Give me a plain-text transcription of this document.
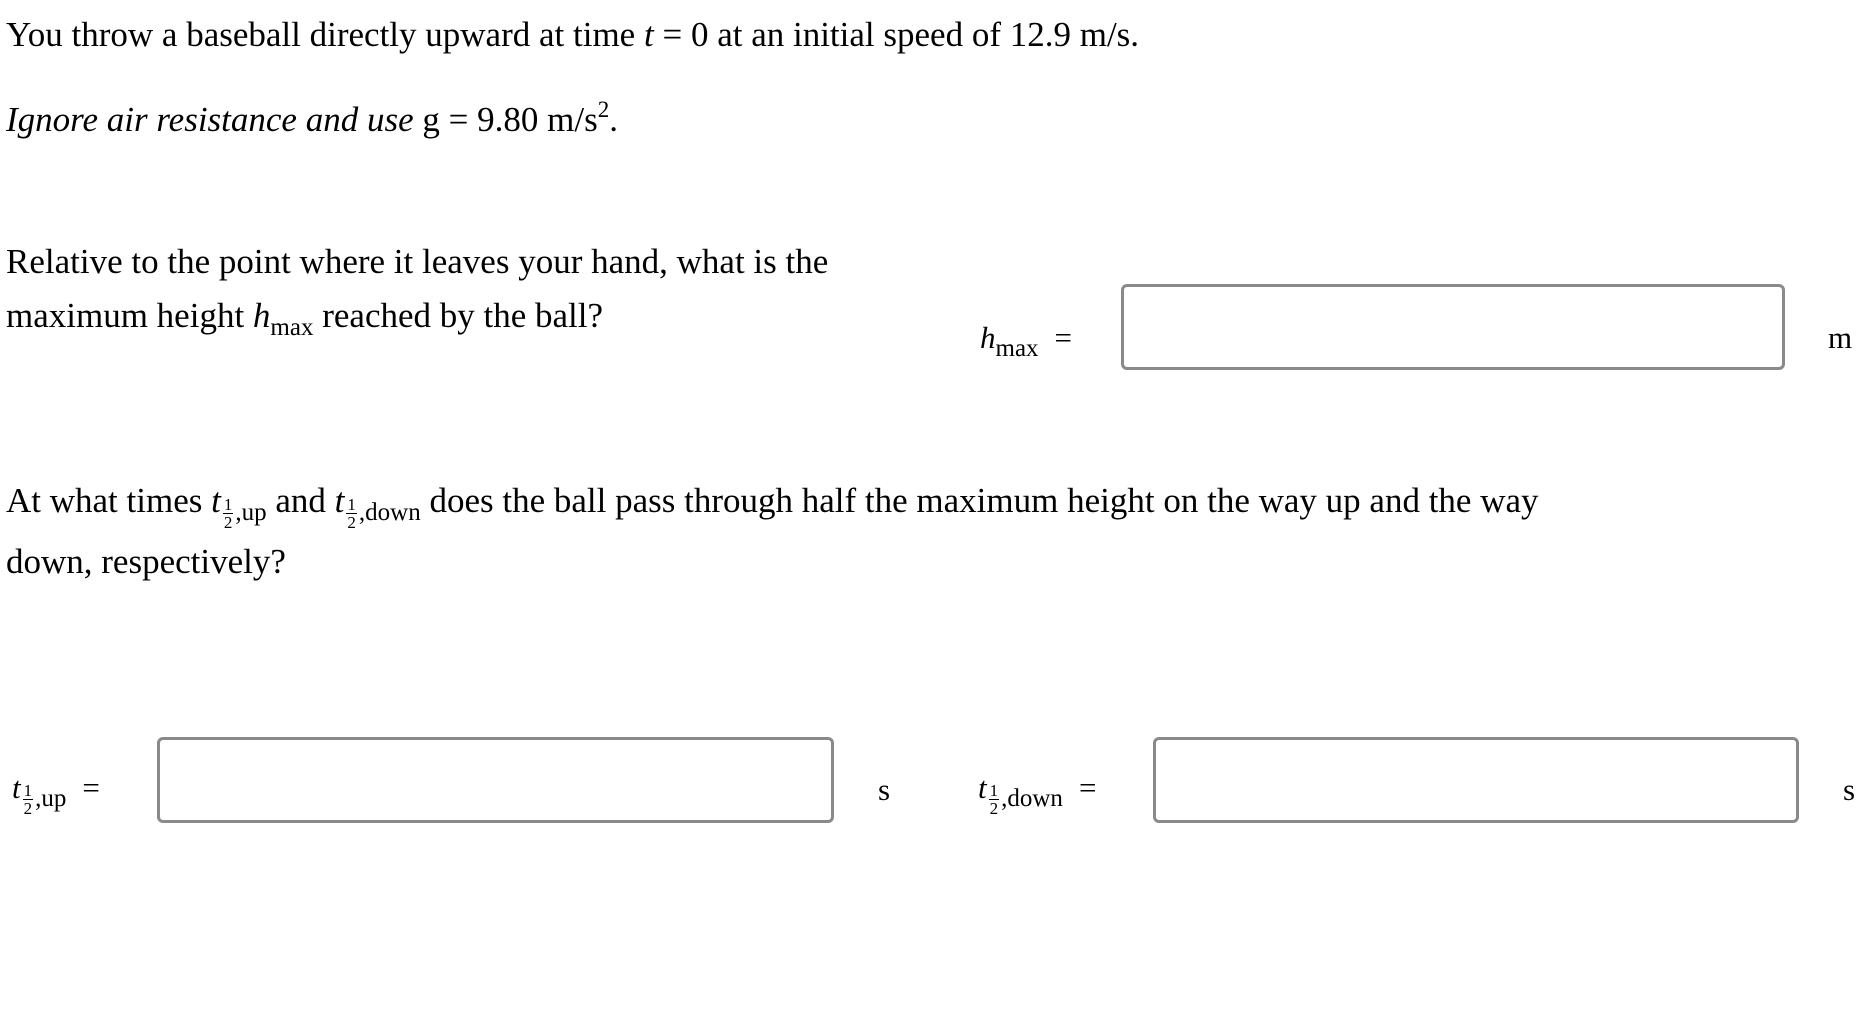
You throw a baseball directly upward at time t = 0 at an initial speed of 12.9 m/s.
Ignore air resistance and use g = 9.80 $m/s^2$.
Relative to the point where it leaves your hand, what is the
maximum height $h_{max}$ reached by the ball?
$h_{max}$ =	m
At what times t $\frac{1}{2} _{,up}$ and t $\frac{1}{2} _{,down}$ does the ball pass through half the maximum height on the way up and the way
down, respectively?
t $\frac{1}{2} _{,up}$ =	s	t $\frac{1}{2} _{,down}$ =	s
